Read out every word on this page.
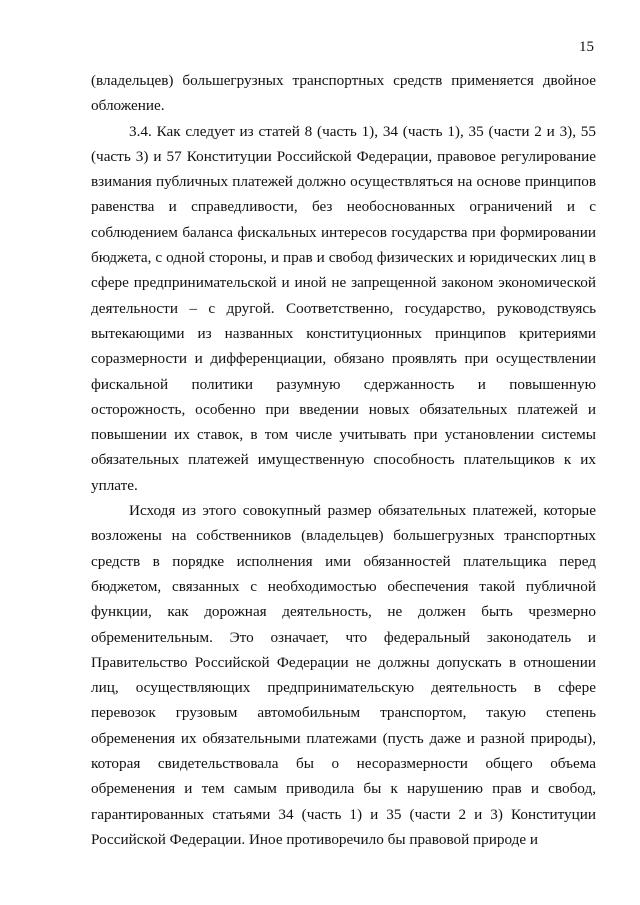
15

(владельцев) большегрузных транспортных средств применяется двойное обложение.

3.4. Как следует из статей 8 (часть 1), 34 (часть 1), 35 (части 2 и 3), 55 (часть 3) и 57 Конституции Российской Федерации, правовое регулирование взимания публичных платежей должно осуществляться на основе принципов равенства и справедливости, без необоснованных ограничений и с соблюдением баланса фискальных интересов государства при формировании бюджета, с одной стороны, и прав и свобод физических и юридических лиц в сфере предпринимательской и иной не запрещенной законом экономической деятельности – с другой. Соответственно, государство, руководствуясь вытекающими из названных конституционных принципов критериями соразмерности и дифференциации, обязано проявлять при осуществлении фискальной политики разумную сдержанность и повышенную осторожность, особенно при введении новых обязательных платежей и повышении их ставок, в том числе учитывать при установлении системы обязательных платежей имущественную способность плательщиков к их уплате.

Исходя из этого совокупный размер обязательных платежей, которые возложены на собственников (владельцев) большегрузных транспортных средств в порядке исполнения ими обязанностей плательщика перед бюджетом, связанных с необходимостью обеспечения такой публичной функции, как дорожная деятельность, не должен быть чрезмерно обременительным. Это означает, что федеральный законодатель и Правительство Российской Федерации не должны допускать в отношении лиц, осуществляющих предпринимательскую деятельность в сфере перевозок грузовым автомобильным транспортом, такую степень обременения их обязательными платежами (пусть даже и разной природы), которая свидетельствовала бы о несоразмерности общего объема обременения и тем самым приводила бы к нарушению прав и свобод, гарантированных статьями 34 (часть 1) и 35 (части 2 и 3) Конституции Российской Федерации. Иное противоречило бы правовой природе и
